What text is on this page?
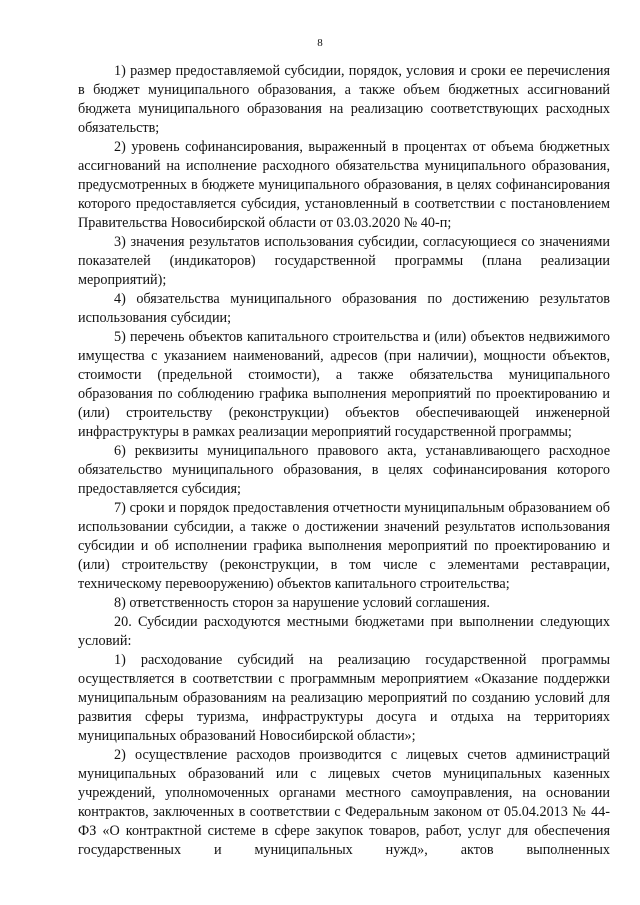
8

1) размер предоставляемой субсидии, порядок, условия и сроки ее перечисления в бюджет муниципального образования, а также объем бюджетных ассигнований бюджета муниципального образования на реализацию соответствующих расходных обязательств;

2) уровень софинансирования, выраженный в процентах от объема бюджетных ассигнований на исполнение расходного обязательства муниципального образования, предусмотренных в бюджете муниципального образования, в целях софинансирования которого предоставляется субсидия, установленный в соответствии с постановлением Правительства Новосибирской области от 03.03.2020 № 40-п;

3) значения результатов использования субсидии, согласующиеся со значениями показателей (индикаторов) государственной программы (плана реализации мероприятий);

4) обязательства муниципального образования по достижению результатов использования субсидии;

5) перечень объектов капитального строительства и (или) объектов недвижимого имущества с указанием наименований, адресов (при наличии), мощности объектов, стоимости (предельной стоимости), а также обязательства муниципального образования по соблюдению графика выполнения мероприятий по проектированию и (или) строительству (реконструкции) объектов обеспечивающей инженерной инфраструктуры в рамках реализации мероприятий государственной программы;

6) реквизиты муниципального правового акта, устанавливающего расходное обязательство муниципального образования, в целях софинансирования которого предоставляется субсидия;

7) сроки и порядок предоставления отчетности муниципальным образованием об использовании субсидии, а также о достижении значений результатов использования субсидии и об исполнении графика выполнения мероприятий по проектированию и (или) строительству (реконструкции, в том числе с элементами реставрации, техническому перевооружению) объектов капитального строительства;

8) ответственность сторон за нарушение условий соглашения.

20. Субсидии расходуются местными бюджетами при выполнении следующих условий:

1) расходование субсидий на реализацию государственной программы осуществляется в соответствии с программным мероприятием «Оказание поддержки муниципальным образованиям на реализацию мероприятий по созданию условий для развития сферы туризма, инфраструктуры досуга и отдыха на территориях муниципальных образований Новосибирской области»;

2) осуществление расходов производится с лицевых счетов администраций муниципальных образований или с лицевых счетов муниципальных казенных учреждений, уполномоченных органами местного самоуправления, на основании контрактов, заключенных в соответствии с Федеральным законом от 05.04.2013 № 44-ФЗ «О контрактной системе в сфере закупок товаров, работ, услуг для обеспечения государственных и муниципальных нужд», актов выполненных
